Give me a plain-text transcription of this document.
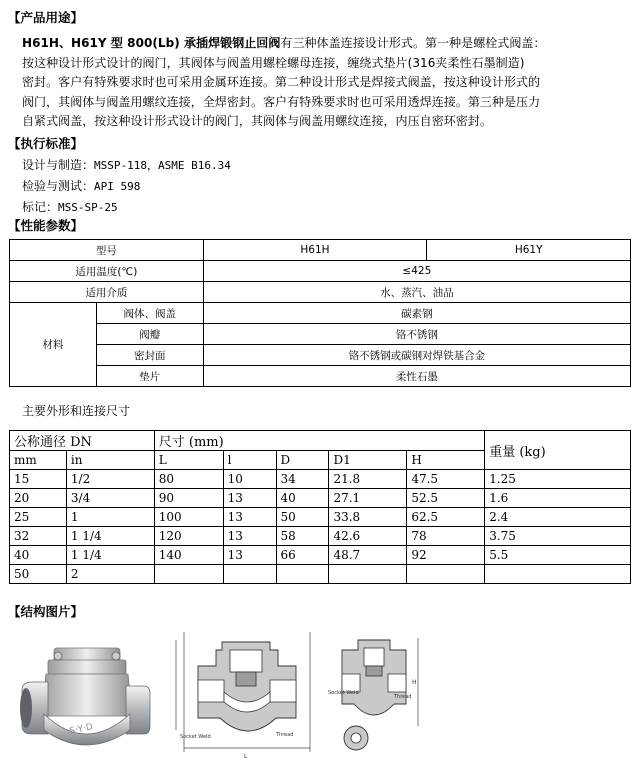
【产品用途】
H61H、H61Y 型 800(Lb) 承插焊锻钢止回阀有三种体盖连接设计形式。第一种是螺栓式阀盖：
按这种设计形式设计的阀门，其阀体与阀盖用螺栓螺母连接，缠绕式垫片(316夹柔性石墨制造)
密封。客户有特殊要求时也可采用金属环连接。第二种设计形式是焊接式阀盖，按这种设计形式的
阀门，其阀体与阀盖用螺纹连接，全焊密封。客户有特殊要求时也可采用透焊连接。第三种是压力
自紧式阀盖，按这种设计形式设计的阀门，其阀体与阀盖用螺纹连接，内压自密环密封。
【执行标准】
设计与制造：MSSP-118，ASME B16.34
检验与测试：API 598
标记：MSS-SP-25
【性能参数】
型号		H61H	H61Y
适用温度(℃)		≤425	
适用介质		水、蒸汽、油品	
材料	阀体、阀盖	碳素钢	
	阀瓣	铬不锈钢	
	密封面	铬不锈钢或碳钢对焊铁基合金	
	垫片	柔性石墨	
主要外形和连接尺寸
公称通径 DN		尺寸 (mm)					重量 (kg)
mm	in	L	l	D	D1	H	
15	1/2	80	10	34	21.8	47.5	1.25
20	3/4	90	13	40	27.1	52.5	1.6
25	1	100	13	50	33.8	62.5	2.4
32	1 1/4	120	13	58	42.6	78	3.75
40	1 1/4	140	13	66	48.7	92	5.5
50	2						
【结构图片】
S·Y·D
Socket Weld	Thread
L
Socket Weld
Thread
H
